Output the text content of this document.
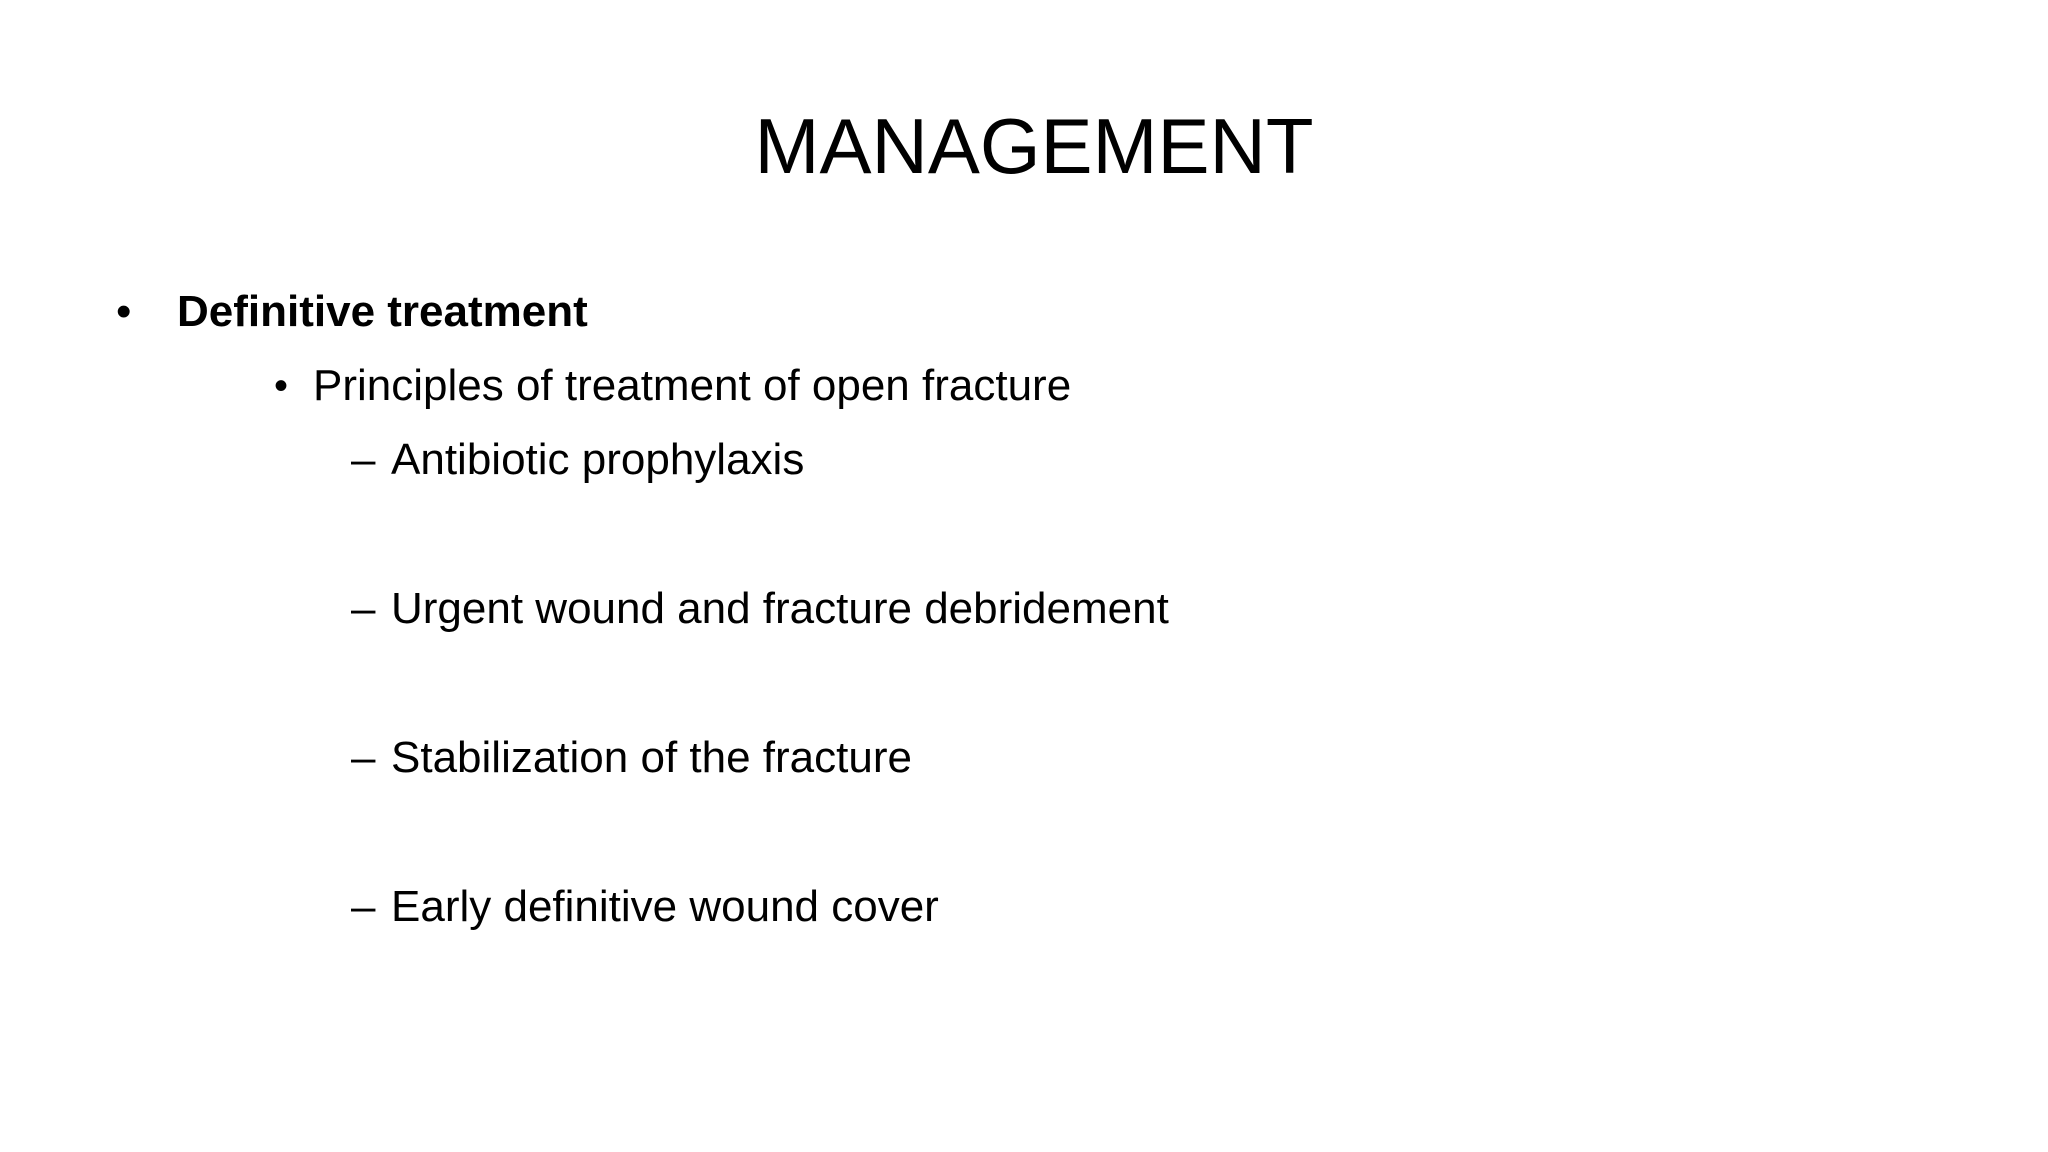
MANAGEMENT
• Definitive treatment
• Principles of treatment of open fracture
– Antibiotic prophylaxis
– Urgent wound and fracture debridement
– Stabilization of the fracture
– Early definitive wound cover
